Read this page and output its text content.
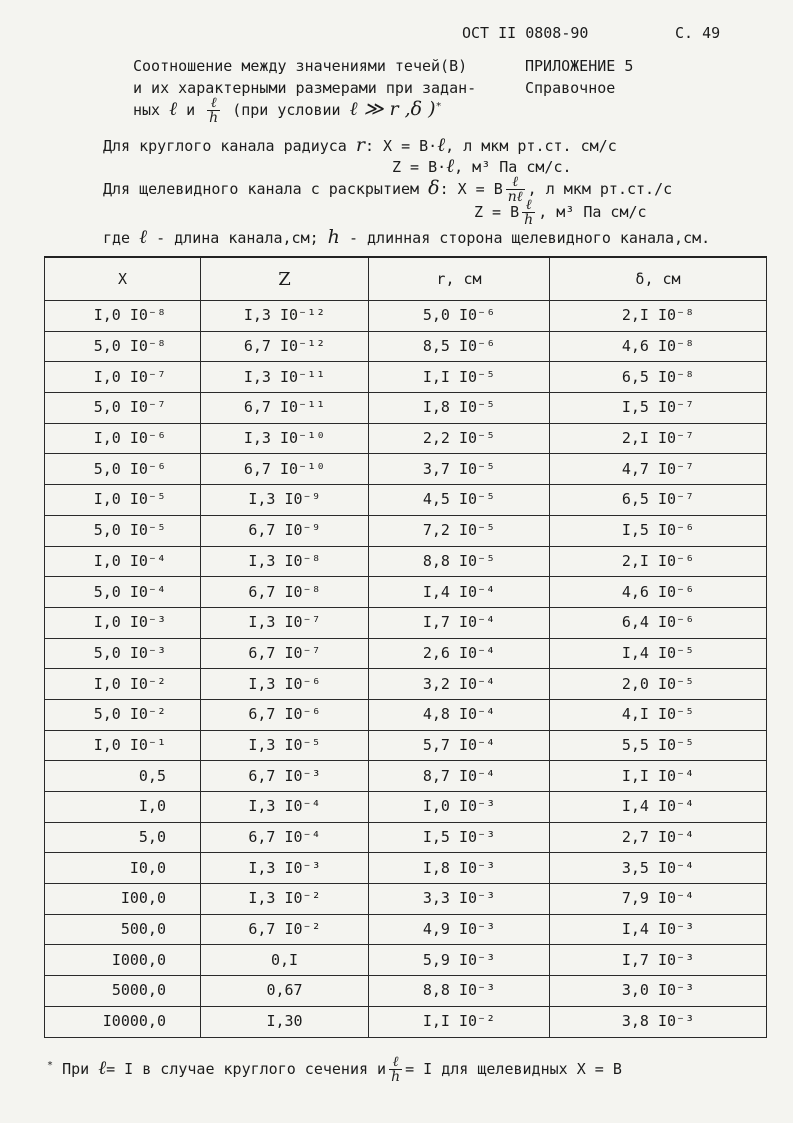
ОСТ II 0808-90	С. 49
Соотношение между значениями течей(В)
и их характерными размерами при задан-
ных ℓ и $\frac{\text{ℓ}}{h} (при$ условии ℓ ≫ r ,δ )*
ПРИЛОЖЕНИЕ 5
Справочное
Для круглого канала радиуса r: X = B·ℓ, л мкм рт.ст. см/с
Z = B·ℓ, м³ Па см/с.
Для щелевидного канала с раскрытием δ: X = B $\frac{\text{ℓ}}{\text{nℓ}}$ , л мкм рт.ст./с
Z = B $\frac{\text{ℓ}}{h}$ , м³ Па см/с
где ℓ - длина канала,см; h - длинная сторона щелевидного канала,см.
X	Z	r, см	δ, см
I,0 I0⁻⁸	I,3 I0⁻¹²	5,0 I0⁻⁶	2,I I0⁻⁸
5,0 I0⁻⁸	6,7 I0⁻¹²	8,5 I0⁻⁶	4,6 I0⁻⁸
I,0 I0⁻⁷	I,3 I0⁻¹¹	I,I I0⁻⁵	6,5 I0⁻⁸
5,0 I0⁻⁷	6,7 I0⁻¹¹	I,8 I0⁻⁵	I,5 I0⁻⁷
I,0 I0⁻⁶	I,3 I0⁻¹⁰	2,2 I0⁻⁵	2,I I0⁻⁷
5,0 I0⁻⁶	6,7 I0⁻¹⁰	3,7 I0⁻⁵	4,7 I0⁻⁷
I,0 I0⁻⁵	I,3 I0⁻⁹	4,5 I0⁻⁵	6,5 I0⁻⁷
5,0 I0⁻⁵	6,7 I0⁻⁹	7,2 I0⁻⁵	I,5 I0⁻⁶
I,0 I0⁻⁴	I,3 I0⁻⁸	8,8 I0⁻⁵	2,I I0⁻⁶
5,0 I0⁻⁴	6,7 I0⁻⁸	I,4 I0⁻⁴	4,6 I0⁻⁶
I,0 I0⁻³	I,3 I0⁻⁷	I,7 I0⁻⁴	6,4 I0⁻⁶
5,0 I0⁻³	6,7 I0⁻⁷	2,6 I0⁻⁴	I,4 I0⁻⁵
I,0 I0⁻²	I,3 I0⁻⁶	3,2 I0⁻⁴	2,0 I0⁻⁵
5,0 I0⁻²	6,7 I0⁻⁶	4,8 I0⁻⁴	4,I I0⁻⁵
I,0 I0⁻¹	I,3 I0⁻⁵	5,7 I0⁻⁴	5,5 I0⁻⁵
0,5	6,7 I0⁻³	8,7 I0⁻⁴	I,I I0⁻⁴
I,0	I,3 I0⁻⁴	I,0 I0⁻³	I,4 I0⁻⁴
5,0	6,7 I0⁻⁴	I,5 I0⁻³	2,7 I0⁻⁴
I0,0	I,3 I0⁻³	I,8 I0⁻³	3,5 I0⁻⁴
I00,0	I,3 I0⁻²	3,3 I0⁻³	7,9 I0⁻⁴
500,0	6,7 I0⁻²	4,9 I0⁻³	I,4 I0⁻³
I000,0	0,I	5,9 I0⁻³	I,7 I0⁻³
5000,0	0,67	8,8 I0⁻³	3,0 I0⁻³
I0000,0	I,30	I,I I0⁻²	3,8 I0⁻³
* При ℓ= I в случае круглого сечения и $\frac{\text{ℓ}}{h} = I$ для щелевидных X = B
